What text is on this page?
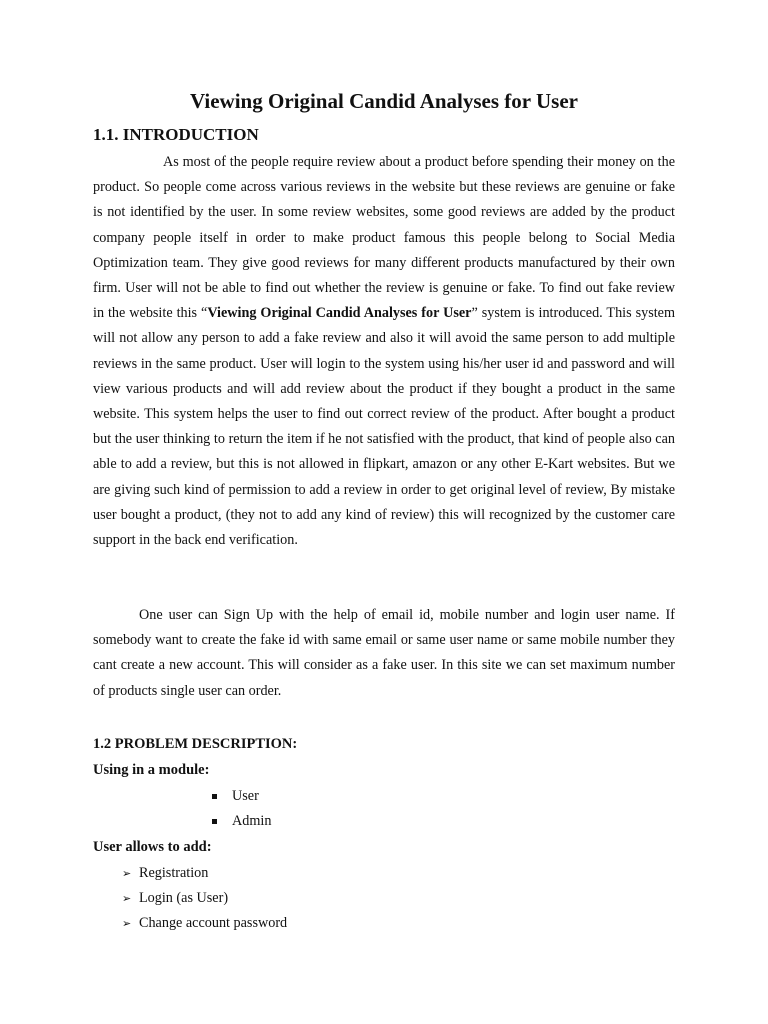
Viewing Original Candid Analyses for User
1.1. INTRODUCTION

As most of the people require review about a product before spending their money on the product. So people come across various reviews in the website but these reviews are genuine or fake is not identified by the user. In some review websites, some good reviews are added by the product company people itself in order to make product famous this people belong to Social Media Optimization team. They give good reviews for many different products manufactured by their own firm. User will not be able to find out whether the review is genuine or fake. To find out fake review in the website this “Viewing Original Candid Analyses for User” system is introduced. This system will not allow any person to add a fake review and also it will avoid the same person to add multiple reviews in the same product. User will login to the system using his/her user id and password and will view various products and will add review about the product if they bought a product in the same website. This system helps the user to find out correct review of the product. After bought a product but the user thinking to return the item if he not satisfied with the product, that kind of people also can able to add a review, but this is not allowed in flipkart, amazon or any other E-Kart websites. But we are giving such kind of permission to add a review in order to get original level of review, By mistake user bought a product, (they not to add any kind of review) this will recognized by the customer care support in the back end verification.

One user can Sign Up with the help of email id, mobile number and login user name. If somebody want to create the fake id with same email or same user name or same mobile number they cant create a new account. This will consider as a fake user. In this site we can set maximum number of products single user can order.

1.2 PROBLEM DESCRIPTION:
Using in a module:
User
Admin
User allows to add:
➢ Registration
➢ Login (as User)
➢ Change account password
